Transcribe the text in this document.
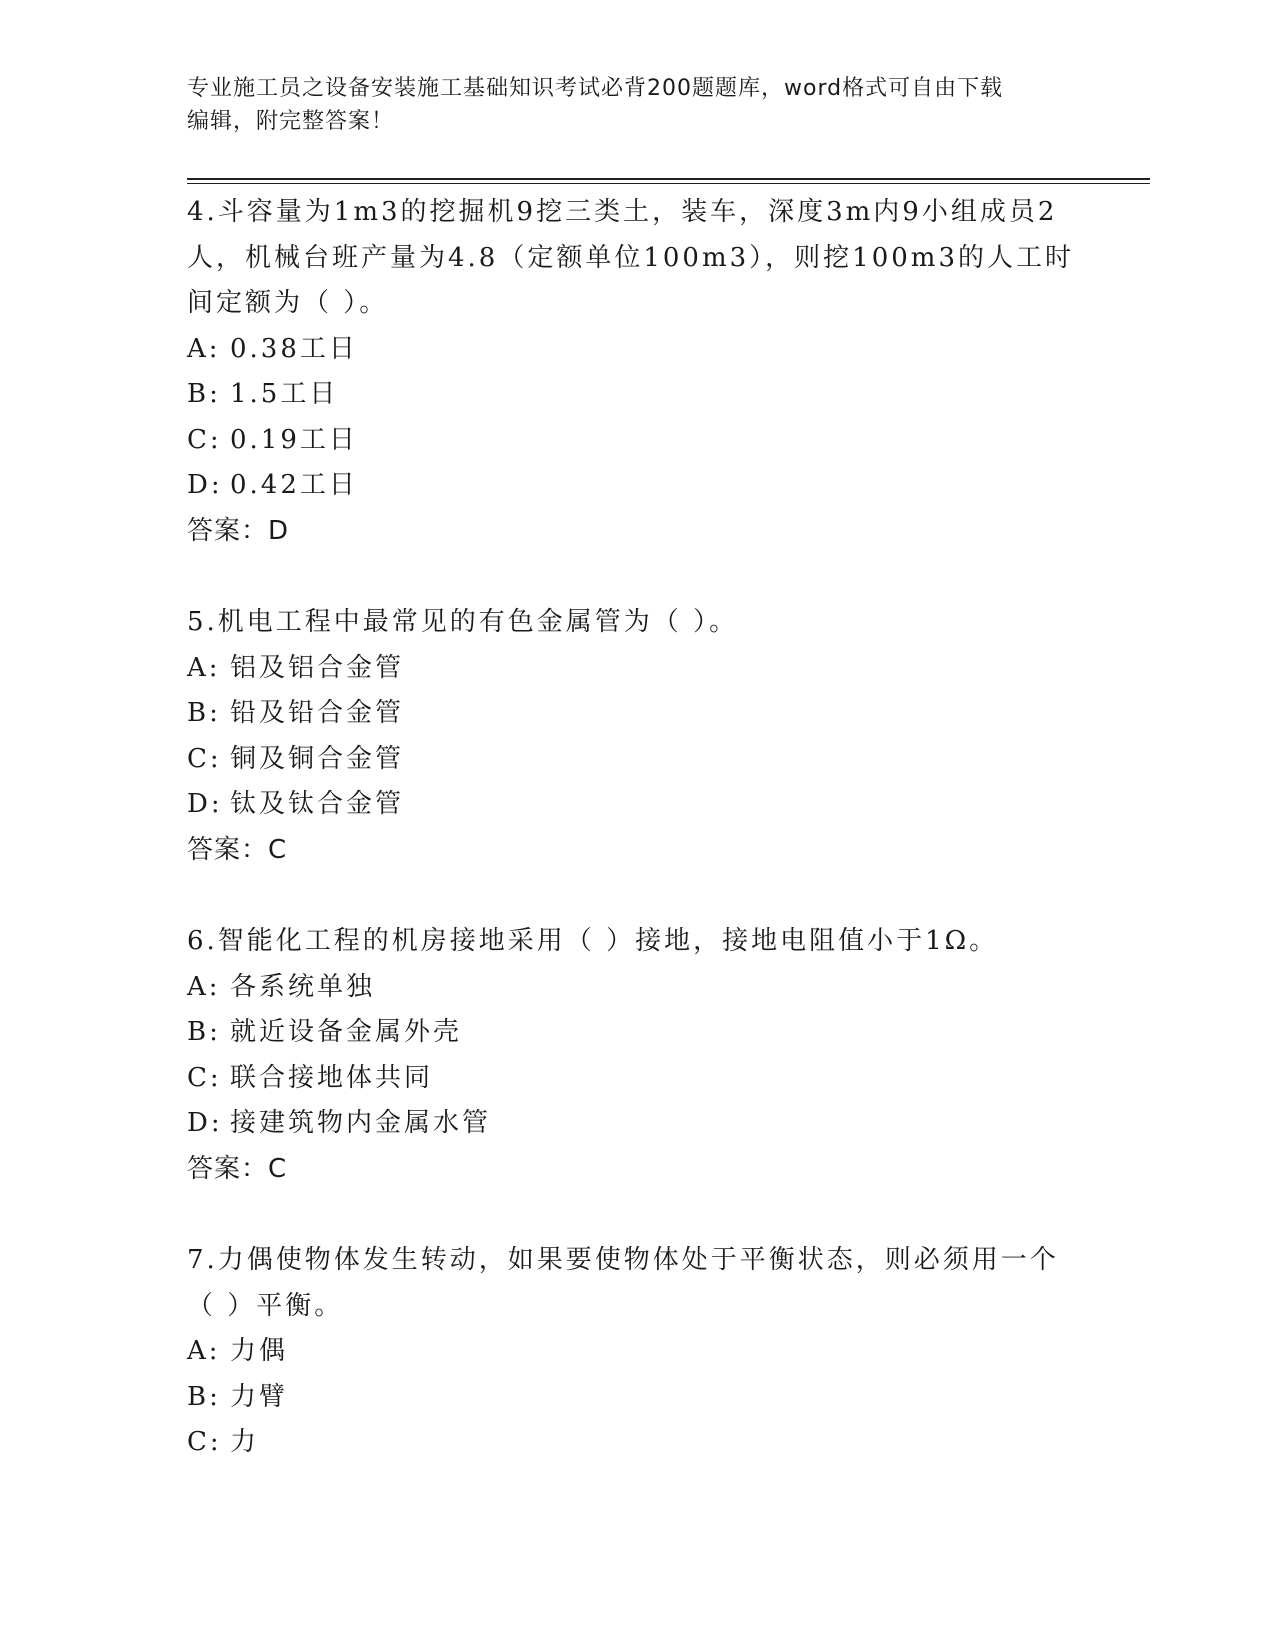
专业施工员之设备安装施工基础知识考试必背200题题库，word格式可自由下载
编辑，附完整答案！

4.斗容量为1m3的挖掘机9挖三类土，装车，深度3m内9小组成员2人，机械台班产量为4.8（定额单位100m3），则挖100m3的人工时间定额为（ ）。

A: 0.38工日

B: 1.5工日

C: 0.19工日

D: 0.42工日

答案：D

5.机电工程中最常见的有色金属管为（ ）。

A: 铝及铝合金管

B: 铅及铅合金管

C: 铜及铜合金管

D: 钛及钛合金管

答案：C

6.智能化工程的机房接地采用（ ）接地，接地电阻值小于1Ω。

A: 各系统单独

B: 就近设备金属外壳

C: 联合接地体共同

D: 接建筑物内金属水管

答案：C

7.力偶使物体发生转动，如果要使物体处于平衡状态，则必须用一个（ ）平衡。

A: 力偶

B: 力臂

C: 力
